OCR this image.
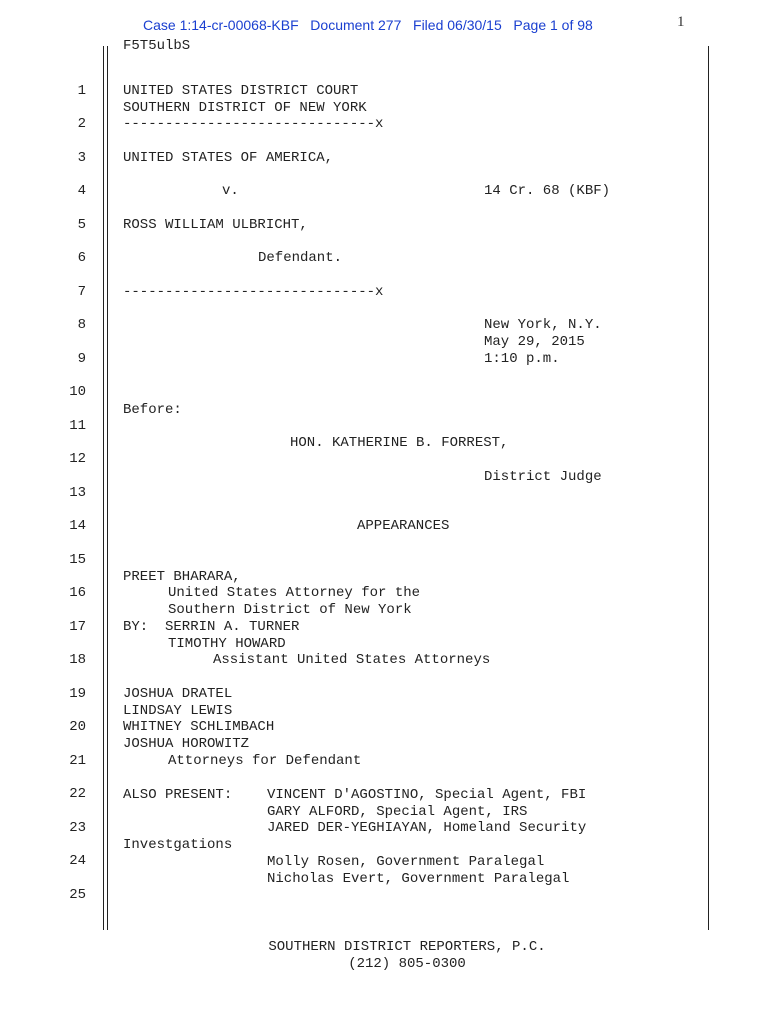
Case 1:14-cr-00068-KBF   Document 277   Filed 06/30/15   Page 1 of 98	1
F5T5ulbS
1
2
3
4
5
6
7
8
9
10
11
12
13
14
15
16
17
18
19
20
21
22
23
24
25
UNITED STATES DISTRICT COURT
SOUTHERN DISTRICT OF NEW YORK
------------------------------x
UNITED STATES OF AMERICA,
v.	14 Cr. 68 (KBF)
ROSS WILLIAM ULBRICHT,
Defendant.
------------------------------x
New York, N.Y.
May 29, 2015
1:10 p.m.
Before:
HON. KATHERINE B. FORREST,
District Judge
APPEARANCES
PREET BHARARA,
United States Attorney for the
Southern District of New York
BY:  SERRIN A. TURNER
TIMOTHY HOWARD
Assistant United States Attorneys
JOSHUA DRATEL
LINDSAY LEWIS
WHITNEY SCHLIMBACH
JOSHUA HOROWITZ
Attorneys for Defendant
ALSO PRESENT: VINCENT D'AGOSTINO, Special Agent, FBI
GARY ALFORD, Special Agent, IRS
JARED DER-YEGHIAYAN, Homeland Security
Investgations
Molly Rosen, Government Paralegal
Nicholas Evert, Government Paralegal
SOUTHERN DISTRICT REPORTERS, P.C.
(212) 805-0300
